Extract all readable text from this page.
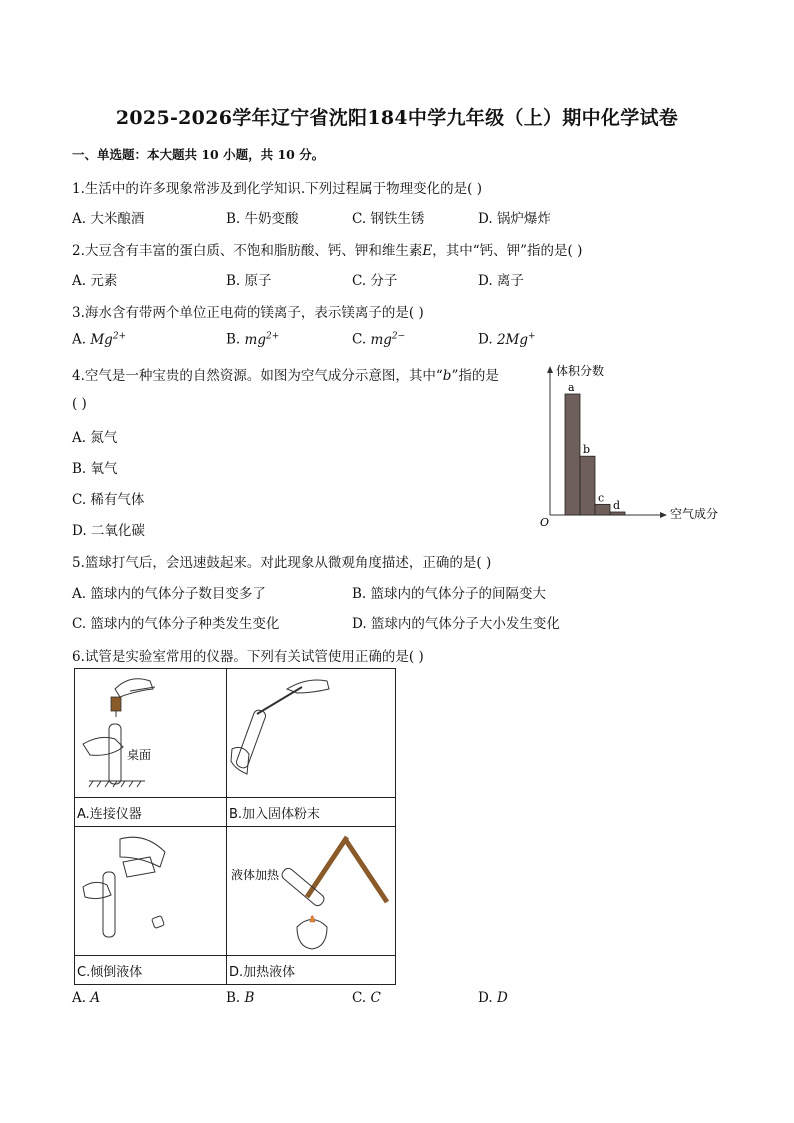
2025-2026学年辽宁省沈阳184中学九年级（上）期中化学试卷
一、单选题：本大题共 10 小题，共 10 分。
1.生活中的许多现象常涉及到化学知识.下列过程属于物理变化的是( )
A. 大米酿酒	B. 牛奶变酸	C. 钢铁生锈	D. 锅炉爆炸
2.大豆含有丰富的蛋白质、不饱和脂肪酸、钙、钾和维生素E，其中“钙、钾”指的是( )
A. 元素	B. 原子	C. 分子	D. 离子
3.海水含有带两个单位正电荷的镁离子，表示镁离子的是( )
A. $Mg^{2+}$	B. $mg^{2+}$	C. $mg^{2-}$	D. 2Mg+
4.空气是一种宝贵的自然资源。如图为空气成分示意图，其中“b”指的是
( )
A. 氮气
B. 氧气
C. 稀有气体
D. 二氧化碳
体积分数
空气成分
O
a
b
c
d
5.篮球打气后，会迅速鼓起来。对此现象从微观角度描述，正确的是( )
A. 篮球内的气体分子数目变多了	B. 篮球内的气体分子的间隔变大
C. 篮球内的气体分子种类发生变化	D. 篮球内的气体分子大小发生变化
6.试管是实验室常用的仪器。下列有关试管使用正确的是( )
桌面

A.连接仪器	B.加入固体粉末

液体加热

C.倾倒液体	D.加热液体
A. A	B. B	C. C	D. D
